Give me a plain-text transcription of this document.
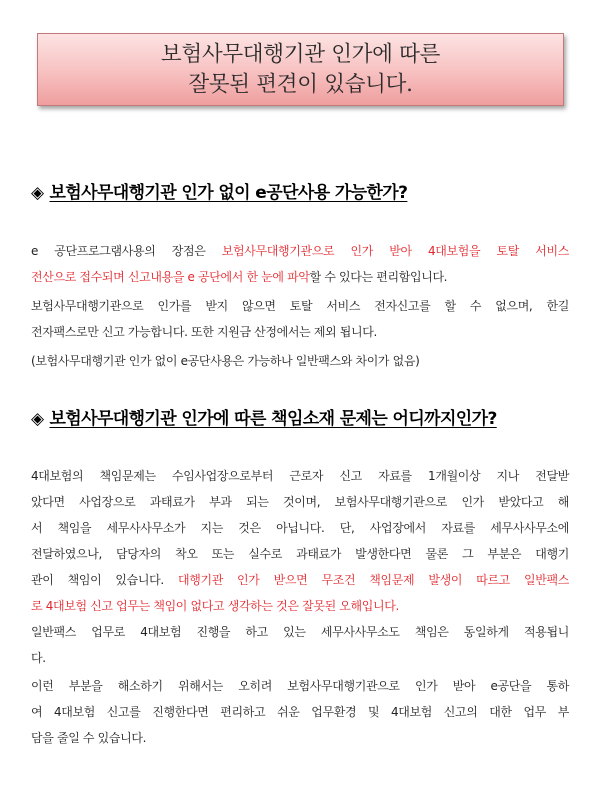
보험사무대행기관 인가에 따른
잘못된 편견이 있습니다.
◈ 보험사무대행기관 인가 없이 e공단사용 가능한가?
e 공단프로그램사용의 장점은 보험사무대행기관으로 인가 받아 4대보험을 토탈 서비스
전산으로 접수되며 신고내용을 e 공단에서 한 눈에 파악할 수 있다는 편리함입니다.
보험사무대행기관으로 인가를 받지 않으면 토탈 서비스 전자신고를 할 수 없으며, 한길
전자팩스로만 신고 가능합니다. 또한 지원금 산정에서는 제외 됩니다.
(보험사무대행기관 인가 없이 e공단사용은 가능하나 일반팩스와 차이가 없음)
◈ 보험사무대행기관 인가에 따른 책임소재 문제는 어디까지인가?
4대보험의 책임문제는 수임사업장으로부터 근로자 신고 자료를 1개월이상 지나 전달받
았다면 사업장으로 과태료가 부과 되는 것이며, 보험사무대행기관으로 인가 받았다고 해
서 책임을 세무사사무소가 지는 것은 아닙니다. 단, 사업장에서 자료를 세무사사무소에
전달하였으나, 담당자의 착오 또는 실수로 과태료가 발생한다면 물론 그 부분은 대행기
관이 책임이 있습니다. 대행기관 인가 받으면 무조건 책임문제 발생이 따르고 일반팩스
로 4대보험 신고 업무는 책임이 없다고 생각하는 것은 잘못된 오해입니다.
일반팩스 업무로 4대보험 진행을 하고 있는 세무사사무소도 책임은 동일하게 적용됩니
다.
이런 부분을 해소하기 위해서는 오히려 보험사무대행기관으로 인가 받아 e공단을 통하
여 4대보험 신고를 진행한다면 편리하고 쉬운 업무환경 및 4대보험 신고의 대한 업무 부
담을 줄일 수 있습니다.
